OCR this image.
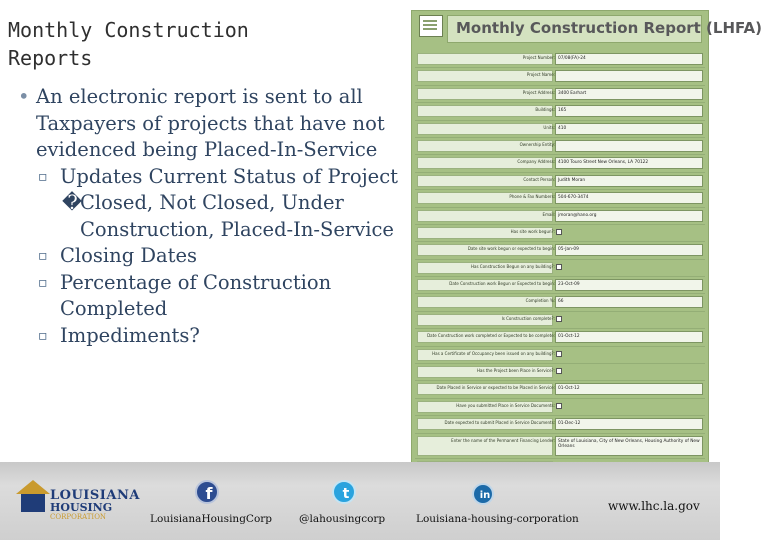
Monthly Construction
Reports
• An electronic report is sent to all Taxpayers of projects that have not evidenced being Placed-In-Service
▫ Updates Current Status of Project
�
Closed, Not Closed, Under Construction, Placed-In-Service
▫ Closing Dates
▫ Percentage of Construction Completed
▫ Impediments?
Monthly Construction Report (LHFA)
Project Number: 07/08(FA)-24
Project Name:
Project Address: 3400 Earhart
Buildings: 165
Units: 410
Ownership Entity:
Company Address: 4100 Touro Street New Orleans, LA 70122
Contact Person: Judith Moran
Phone & Fax Numbers: 504-670-3474
Email: jmoran@hano.org
Has site work begun?:
Date site work begun or expected to begin: 05-Jan-09
Has Construction Begun on any building?:
Date Construction work Begun or Expected to begin: 23-Oct-09
Completion %: 66
Is Construction complete?:
Date Construction work completed or Expected to be complete: 01-Oct-12
Has a Certificate of Occupancy been issued on any building?:
Has the Project been Place in Service?:
Date Placed in Service or expected to be Placed in Service: 01-Oct-12
Have you submitted Place in Service Documents:
Date expected to submit Placed in Service Documents: 01-Dec-12
Enter the name of the Permanent Financing Lender: State of Louisiana, City of New Orleans, Housing Authority of New Orleans
LOUISIANA
HOUSING
CORPORATION
f	t	in
LouisianaHousingCorp	@lahousingcorp	Louisiana-housing-corporation
www.lhc.la.gov
